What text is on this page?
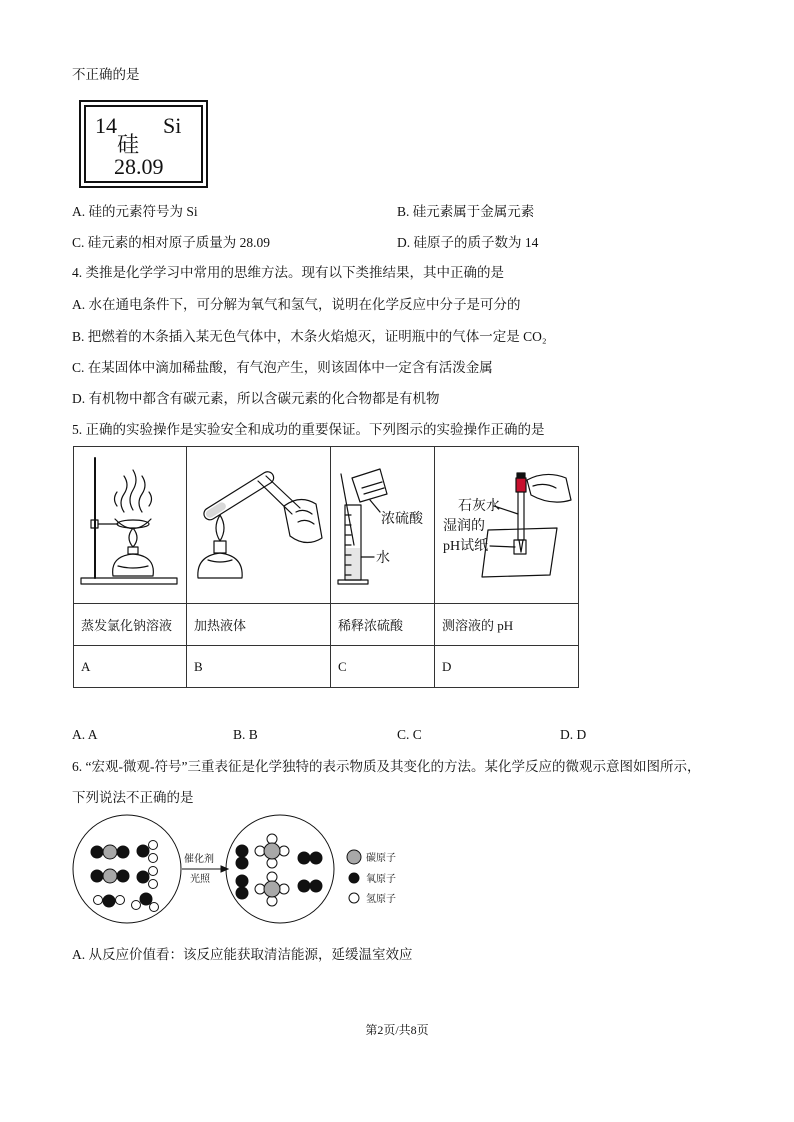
不正确的是
14 Si
硅
28.09
A. 硅的元素符号为 Si	B. 硅元素属于金属元素
C. 硅元素的相对原子质量为 28.09	D. 硅原子的质子数为 14
4. 类推是化学学习中常用的思维方法。现有以下类推结果，其中正确的是
A. 水在通电条件下，可分解为氧气和氢气，说明在化学反应中分子是可分的
B. 把燃着的木条插入某无色气体中，木条火焰熄灭，证明瓶中的气体一定是 CO₂
C. 在某固体中滴加稀盐酸，有气泡产生，则该固体中一定含有活泼金属
D. 有机物中都含有碳元素，所以含碳元素的化合物都是有机物
5. 正确的实验操作是实验安全和成功的重要保证。下列图示的实验操作正确的是

蒸发氯化钠溶液	加热液体	稀释浓硫酸	测溶液的 pH
A	B	C	D
浓硫酸
水
石灰水
湿润的
pH试纸
A. A	B. B	C. C	D. D
6. “宏观-微观-符号”三重表征是化学独特的表示物质及其变化的方法。某化学反应的微观示意图如图所示，
下列说法不正确的是
催化剂
光照
碳原子
氧原子
氢原子
A. 从反应价值看：该反应能获取清洁能源，延缓温室效应
第2页/共8页
